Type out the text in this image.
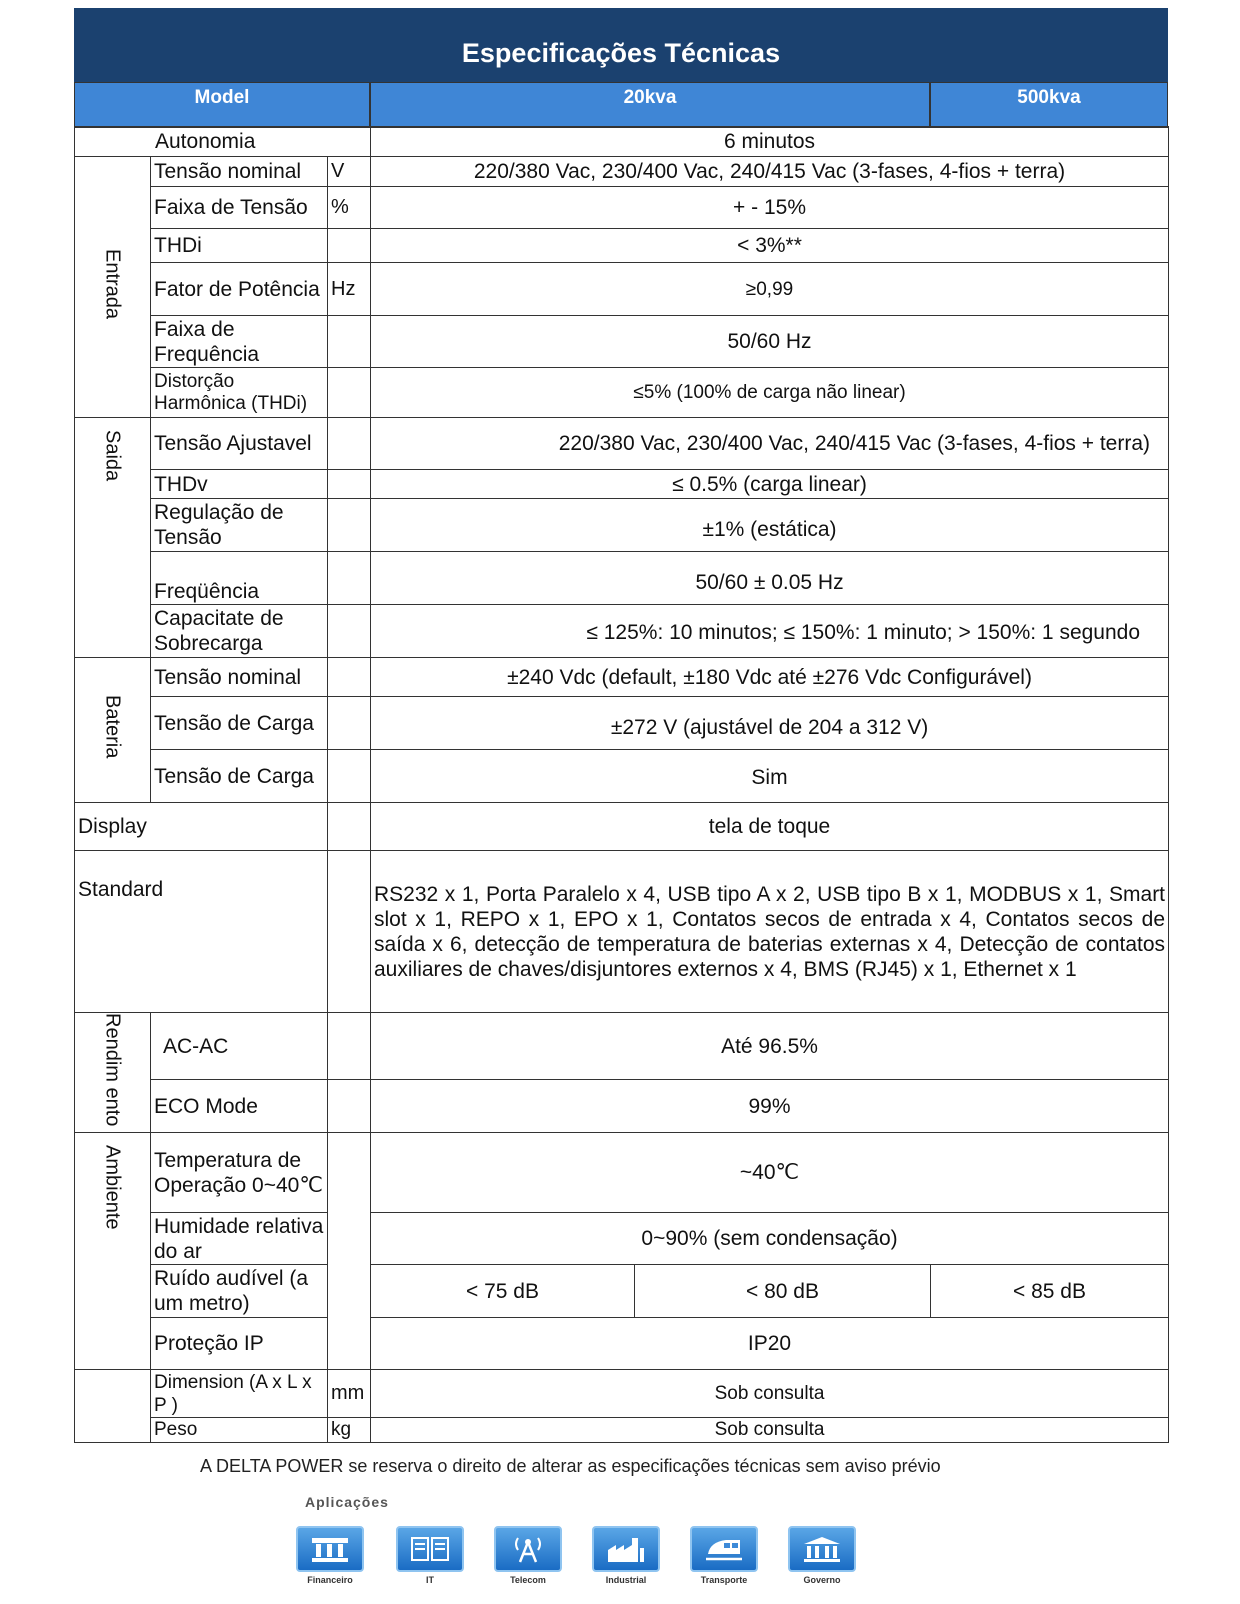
Especificações Técnicas
Model	20kva	500kva
Autonomia			6 minutos		
Entrada	Tensão nominal	V	220/380 Vac, 230/400 Vac, 240/415 Vac (3-fases, 4-fios + terra)		
	Faixa de Tensão	%	+ - 15%		
	THDi		< 3%**		
	Fator de Potência	Hz	≥0,99		
	Faixa de Frequência		50/60 Hz		
	Distorção Harmônica (THDi)		≤5% (100% de carga não linear)		
Saida	Tensão Ajustavel		220/380 Vac, 230/400 Vac, 240/415 Vac (3-fases, 4-fios + terra)		
	THDv		≤ 0.5% (carga linear)		
	Regulação de Tensão		±1% (estática)		
	Freqüência		50/60 ± 0.05 Hz		
	Capacitate de Sobrecarga		≤ 125%: 10 minutos; ≤ 150%: 1 minuto; > 150%: 1 segundo		
Bateria	Tensão nominal		±240 Vdc (default, ±180 Vdc até ±276 Vdc Configurável)		
	Tensão de Carga		±272 V (ajustável de 204 a 312 V)		
	Tensão de Carga		Sim		
Display			tela de toque		
Standard			RS232 x 1, Porta Paralelo x 4, USB tipo A x 2, USB tipo B x 1, MODBUS x 1, Smart slot x 1, REPO x 1, EPO x 1, Contatos secos de entrada x 4, Contatos secos de saída x 6, detecção de temperatura de baterias externas x 4, Detecção de contatos auxiliares de chaves/disjuntores externos x 4, BMS (RJ45) x 1, Ethernet x 1		
Rendim ento	AC-AC		Até 96.5%		
	ECO Mode		99%		
Ambiente	Temperatura de Operação 0~40℃		~40℃		
	Humidade relativa do ar		0~90% (sem condensação)		
	Ruído audível (a um metro)		< 75 dB	< 80 dB	< 85 dB
	Proteção IP		IP20		
	Dimension (A x L x P )	mm	Sob consulta		
	Peso	kg	Sob consulta		
A DELTA POWER se reserva o direito de alterar as especificações técnicas sem aviso prévio
Aplicações
Financeiro	IT	Telecom	Industrial	Transporte	Governo
